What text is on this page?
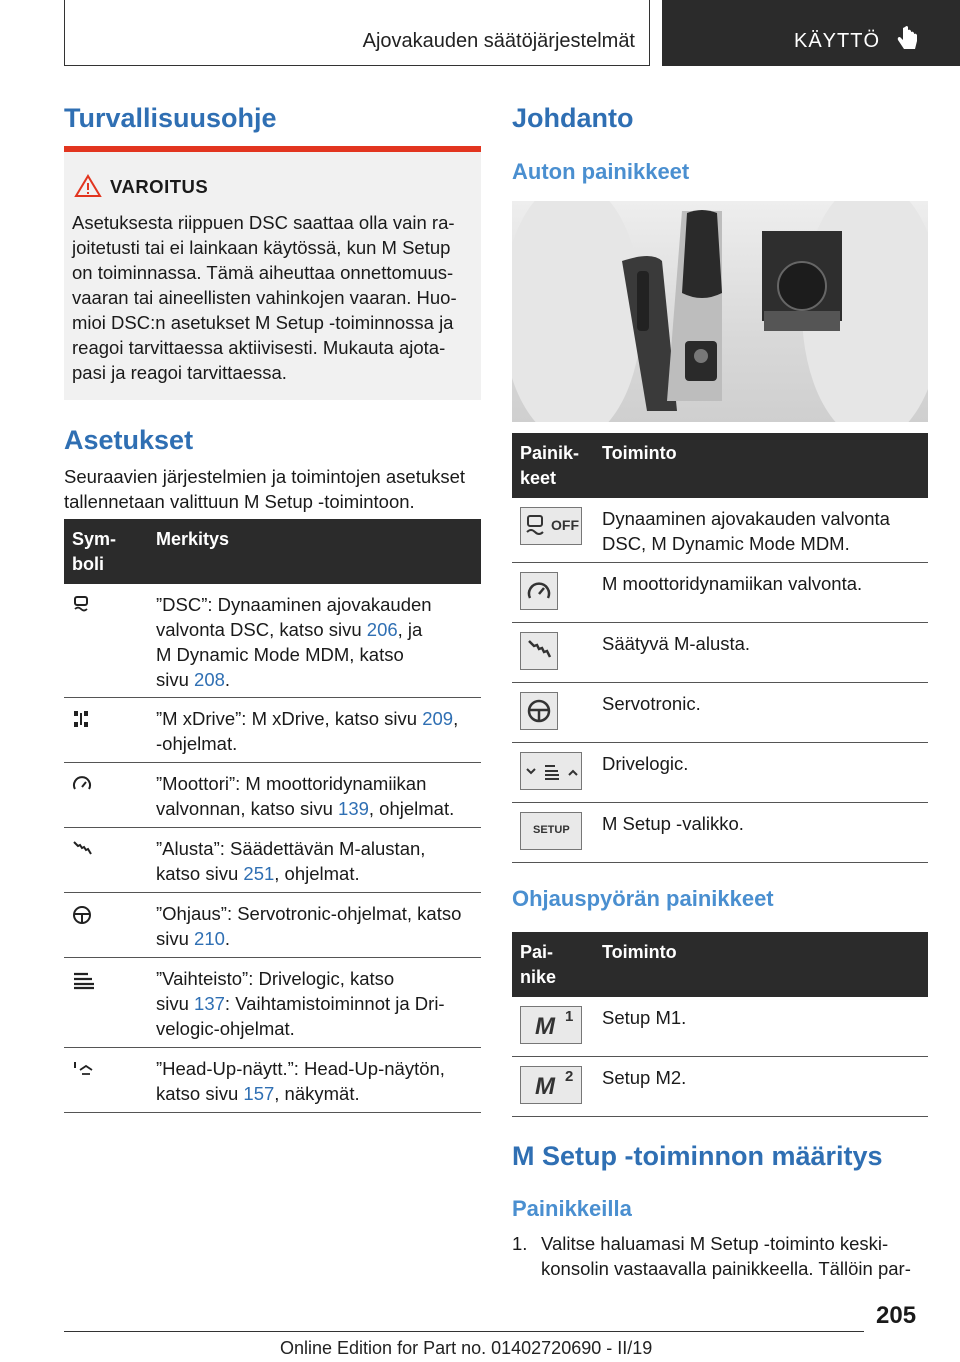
Ajovakauden säätöjärjestelmät	KÄYTTÖ
Turvallisuusohje
VAROITUS
Asetuksesta riippuen DSC saattaa olla vain ra-
joitetusti tai ei lainkaan käytössä, kun M Setup
on toiminnassa. Tämä aiheuttaa onnettomuus-
vaaran tai aineellisten vahinkojen vaaran. Huo-
mioi DSC:n asetukset M Setup -toiminnossa ja
reagoi tarvittaessa aktiivisesti. Mukauta ajota-
pasi ja reagoi tarvittaessa.
Asetukset
Seuraavien järjestelmien ja toimintojen asetukset
tallennetaan valittuun M Setup -toimintoon.
Sym-
boli
Merkitys
”DSC”: Dynaaminen ajovakauden
valvonta DSC, katso sivu 206, ja
M Dynamic Mode MDM, katso
sivu 208.
”M xDrive”: M xDrive, katso sivu 209,
-ohjelmat.
”Moottori”: M moottoridynamiikan
valvonnan, katso sivu 139, ohjelmat.
”Alusta”: Säädettävän M-alustan,
katso sivu 251, ohjelmat.
”Ohjaus”: Servotronic-ohjelmat, katso
sivu 210.
”Vaihteisto”: Drivelogic, katso
sivu 137: Vaihtamistoiminnot ja Dri-
velogic-ohjelmat.
”Head-Up-näytt.”: Head-Up-näytön,
katso sivu 157, näkymät.
Johdanto
Auton painikkeet
Painik-
keet
Toiminto
OFF Dynaaminen ajovakauden valvonta
DSC, M Dynamic Mode MDM.
M moottoridynamiikan valvonta.
Säätyvä M-alusta.
Servotronic.
Drivelogic.
SETUP M Setup -valikko.
Ohjauspyörän painikkeet
Pai-
nike
Toiminto
M 1 Setup M1.
M 2 Setup M2.
M Setup -toiminnon määritys
Painikkeilla
1. Valitse haluamasi M Setup -toiminto keski-
konsolin vastaavalla painikkeella. Tällöin par-
205
Online Edition for Part no. 01402720690 - II/19
